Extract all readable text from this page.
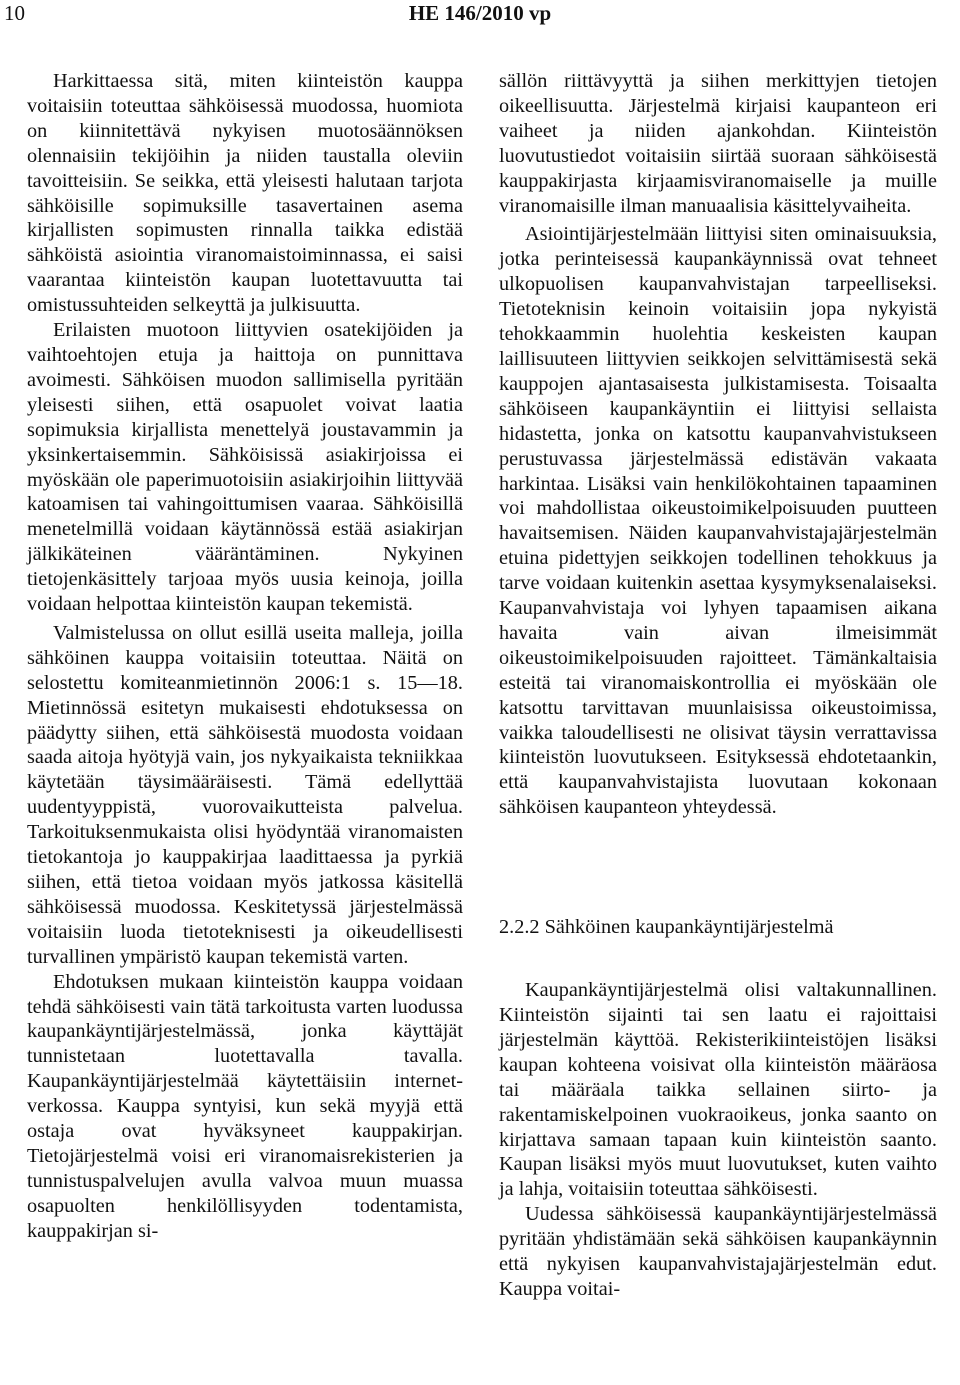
10	HE 146/2010 vp

Harkittaessa sitä, miten kiinteistön kauppa voitaisiin toteuttaa sähköisessä muodossa, huomiota on kiinnitettävä nykyisen muotosäännöksen olennaisiin tekijöihin ja niiden taustalla oleviin tavoitteisiin. Se seikka, että yleisesti halutaan tarjota sähköisille sopimuksille tasavertainen asema kirjallisten sopimusten rinnalla taikka edistää sähköistä asiointia viranomaistoiminnassa, ei saisi vaarantaa kiinteistön kaupan luotettavuutta tai omistussuhteiden selkeyttä ja julkisuutta.

Erilaisten muotoon liittyvien osatekijöiden ja vaihtoehtojen etuja ja haittoja on punnittava avoimesti. Sähköisen muodon sallimisella pyritään yleisesti siihen, että osapuolet voivat laatia sopimuksia kirjallista menettelyä joustavammin ja yksinkertaisemmin. Sähköisissä asiakirjoissa ei myöskään ole paperimuotoisiin asiakirjoihin liittyvää katoamisen tai vahingoittumisen vaaraa. Sähköisillä menetelmillä voidaan käytännössä estää asiakirjan jälkikäteinen vääräntäminen. Nykyinen tietojenkäsittely tarjoaa myös uusia keinoja, joilla voidaan helpottaa kiinteistön kaupan tekemistä.

Valmistelussa on ollut esillä useita malleja, joilla sähköinen kauppa voitaisiin toteuttaa. Näitä on selostettu komiteanmietinnön 2006:1 s. 15—18. Mietinnössä esitetyn mukaisesti ehdotuksessa on päädytty siihen, että sähköisestä muodosta voidaan saada aitoja hyötyjä vain, jos nykyaikaista tekniikkaa käytetään täysimääräisesti. Tämä edellyttää uudentyyppistä, vuorovaikutteista palvelua. Tarkoituksenmukaista olisi hyödyntää viranomaisten tietokantoja jo kauppakirjaa laadittaessa ja pyrkiä siihen, että tietoa voidaan myös jatkossa käsitellä sähköisessä muodossa. Keskitetyssä järjestelmässä voitaisiin luoda tietoteknisesti ja oikeudellisesti turvallinen ympäristö kaupan tekemistä varten.

Ehdotuksen mukaan kiinteistön kauppa voidaan tehdä sähköisesti vain tätä tarkoitusta varten luodussa kaupankäyntijärjestelmässä, jonka käyttäjät tunnistetaan luotettavalla tavalla. Kaupankäyntijärjestelmää käytettäisiin internet-verkossa. Kauppa syntyisi, kun sekä myyjä että ostaja ovat hyväksyneet kauppakirjan. Tietojärjestelmä voisi eri viranomaisrekisterien ja tunnistuspalvelujen avulla valvoa muun muassa osapuolten henkilöllisyyden todentamista, kauppakirjan si-

sällön riittävyyttä ja siihen merkittyjen tietojen oikeellisuutta. Järjestelmä kirjaisi kaupanteon eri vaiheet ja niiden ajankohdan. Kiinteistön luovutustiedot voitaisiin siirtää suoraan sähköisestä kauppakirjasta kirjaamisviranomaiselle ja muille viranomaisille ilman manuaalisia käsittelyvaiheita.

Asiointijärjestelmään liittyisi siten ominaisuuksia, jotka perinteisessä kaupankäynnissä ovat tehneet ulkopuolisen kaupanvahvistajan tarpeelliseksi. Tietoteknisin keinoin voitaisiin jopa nykyistä tehokkaammin huolehtia keskeisten kaupan laillisuuteen liittyvien seikkojen selvittämisestä sekä kauppojen ajantasaisesta julkistamisesta. Toisaalta sähköiseen kaupankäyntiin ei liittyisi sellaista hidastetta, jonka on katsottu kaupanvahvistukseen perustuvassa järjestelmässä edistävän vakaata harkintaa. Lisäksi vain henkilökohtainen tapaaminen voi mahdollistaa oikeustoimikelpoisuuden puutteen havaitsemisen. Näiden kaupanvahvistajajärjestelmän etuina pidettyjen seikkojen todellinen tehokkuus ja tarve voidaan kuitenkin asettaa kysymyksenalaiseksi. Kaupanvahvistaja voi lyhyen tapaamisen aikana havaita vain aivan ilmeisimmät oikeustoimikelpoisuuden rajoitteet. Tämänkaltaisia esteitä tai viranomaiskontrollia ei myöskään ole katsottu tarvittavan muunlaisissa oikeustoimissa, vaikka taloudellisesti ne olisivat täysin verrattavissa kiinteistön luovutukseen. Esityksessä ehdotetaankin, että kaupanvahvistajista luovutaan kokonaan sähköisen kaupanteon yhteydessä.

2.2.2 Sähköinen kaupankäyntijärjestelmä

Kaupankäyntijärjestelmä olisi valtakunnallinen. Kiinteistön sijainti tai sen laatu ei rajoittaisi järjestelmän käyttöä. Rekisterikiinteistöjen lisäksi kaupan kohteena voisivat olla kiinteistön määräosa tai määräala taikka sellainen siirto- ja rakentamiskelpoinen vuokraoikeus, jonka saanto on kirjattava samaan tapaan kuin kiinteistön saanto. Kaupan lisäksi myös muut luovutukset, kuten vaihto ja lahja, voitaisiin toteuttaa sähköisesti.

Uudessa sähköisessä kaupankäyntijärjestelmässä pyritään yhdistämään sekä sähköisen kaupankäynnin että nykyisen kaupanvahvistajajärjestelmän edut. Kauppa voitai-
